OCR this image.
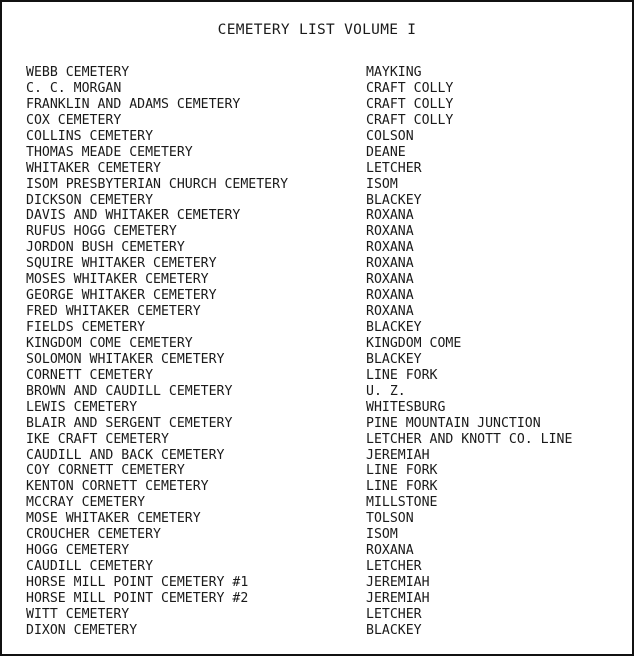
CEMETERY LIST VOLUME I
WEBB CEMETERY	MAYKING
C. C. MORGAN	CRAFT COLLY
FRANKLIN AND ADAMS CEMETERY	CRAFT COLLY
COX CEMETERY	CRAFT COLLY
COLLINS CEMETERY	COLSON
THOMAS MEADE CEMETERY	DEANE
WHITAKER CEMETERY	LETCHER
ISOM PRESBYTERIAN CHURCH CEMETERY	ISOM
DICKSON CEMETERY	BLACKEY
DAVIS AND WHITAKER CEMETERY	ROXANA
RUFUS HOGG CEMETERY	ROXANA
JORDON BUSH CEMETERY	ROXANA
SQUIRE WHITAKER CEMETERY	ROXANA
MOSES WHITAKER CEMETERY	ROXANA
GEORGE WHITAKER CEMETERY	ROXANA
FRED WHITAKER CEMETERY	ROXANA
FIELDS CEMETERY	BLACKEY
KINGDOM COME CEMETERY	KINGDOM COME
SOLOMON WHITAKER CEMETERY	BLACKEY
CORNETT CEMETERY	LINE FORK
BROWN AND CAUDILL CEMETERY	U. Z.
LEWIS CEMETERY	WHITESBURG
BLAIR AND SERGENT CEMETERY	PINE MOUNTAIN JUNCTION
IKE CRAFT CEMETERY	LETCHER AND KNOTT CO. LINE
CAUDILL AND BACK CEMETERY	JEREMIAH
COY CORNETT CEMETERY	LINE FORK
KENTON CORNETT CEMETERY	LINE FORK
MCCRAY CEMETERY	MILLSTONE
MOSE WHITAKER CEMETERY	TOLSON
CROUCHER CEMETERY	ISOM
HOGG CEMETERY	ROXANA
CAUDILL CEMETERY	LETCHER
HORSE MILL POINT CEMETERY #1	JEREMIAH
HORSE MILL POINT CEMETERY #2	JEREMIAH
WITT CEMETERY	LETCHER
DIXON CEMETERY	BLACKEY
